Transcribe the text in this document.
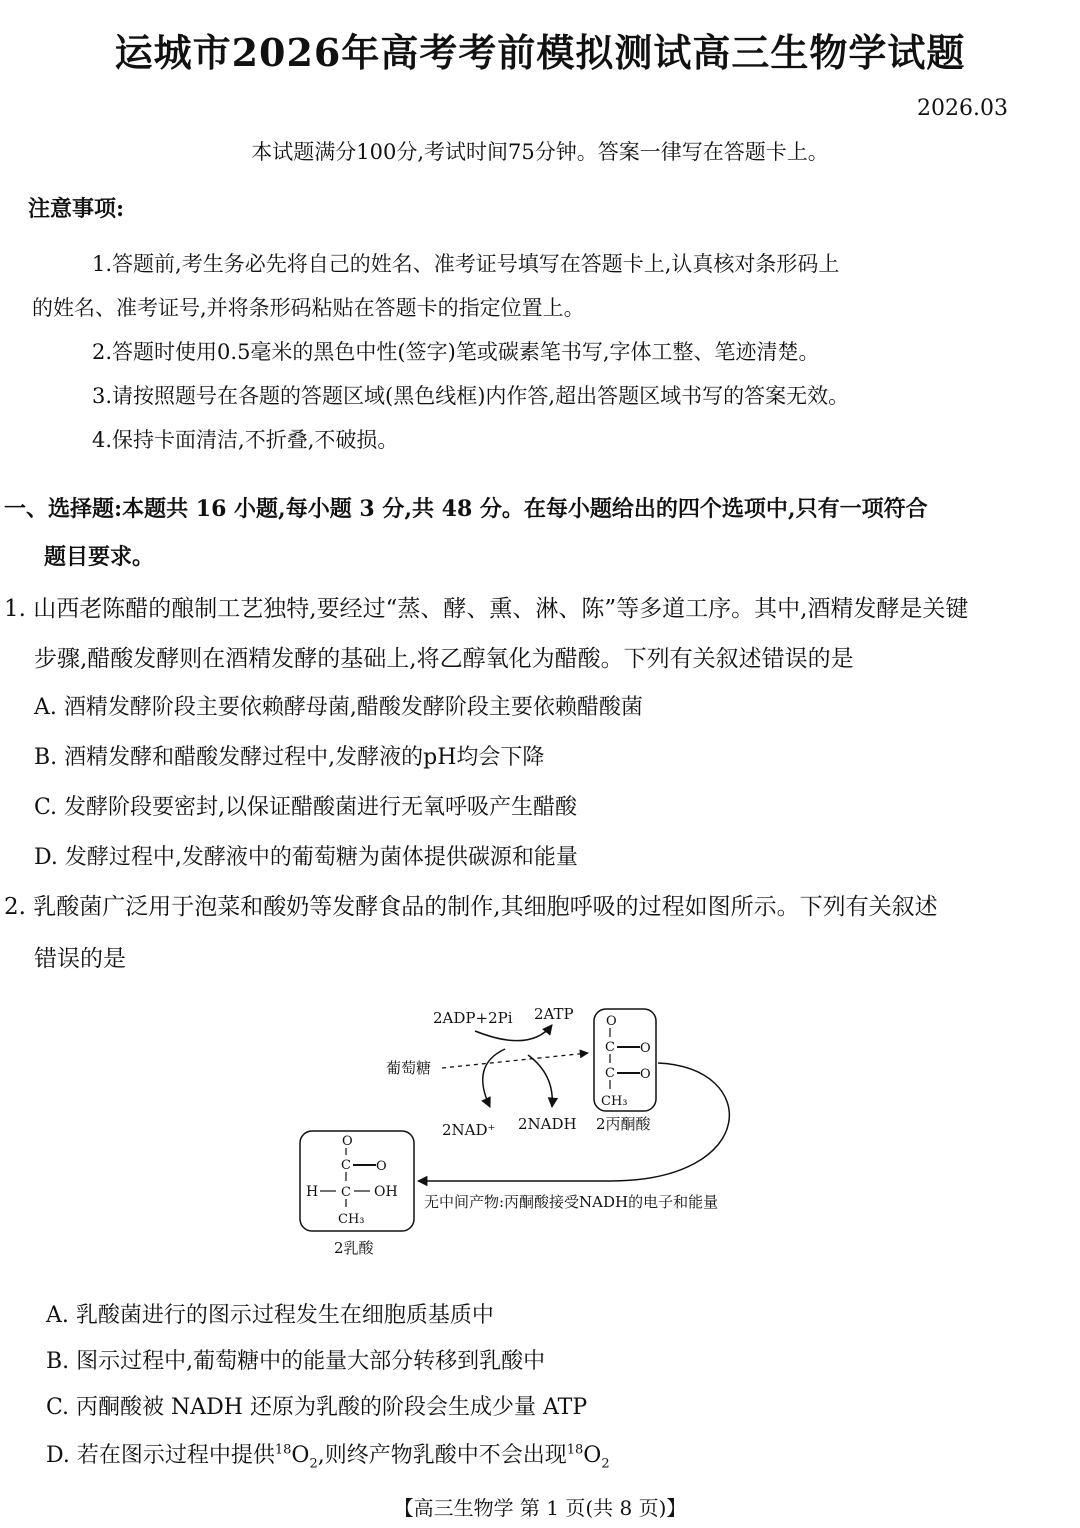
运城市2026年高考考前模拟测试高三生物学试题
2026.03
本试题满分100分,考试时间75分钟。答案一律写在答题卡上。
注意事项:
1.答题前,考生务必先将自己的姓名、准考证号填写在答题卡上,认真核对条形码上
的姓名、准考证号,并将条形码粘贴在答题卡的指定位置上。
2.答题时使用0.5毫米的黑色中性(签字)笔或碳素笔书写,字体工整、笔迹清楚。
3.请按照题号在各题的答题区域(黑色线框)内作答,超出答题区域书写的答案无效。
4.保持卡面清洁,不折叠,不破损。
一、选择题:本题共 16 小题,每小题 3 分,共 48 分。在每小题给出的四个选项中,只有一项符合
题目要求。
1. 山西老陈醋的酿制工艺独特,要经过“蒸、酵、熏、淋、陈”等多道工序。其中,酒精发酵是关键
步骤,醋酸发酵则在酒精发酵的基础上,将乙醇氧化为醋酸。下列有关叙述错误的是
A. 酒精发酵阶段主要依赖酵母菌,醋酸发酵阶段主要依赖醋酸菌
B. 酒精发酵和醋酸发酵过程中,发酵液的pH均会下降
C. 发酵阶段要密封,以保证醋酸菌进行无氧呼吸产生醋酸
D. 发酵过程中,发酵液中的葡萄糖为菌体提供碳源和能量
2. 乳酸菌广泛用于泡菜和酸奶等发酵食品的制作,其细胞呼吸的过程如图所示。下列有关叙述
错误的是
2ADP+2Pi 2ATP
葡萄糖
2NAD⁺ 2NADH
O
C O
C O
CH₃
2丙酮酸
无中间产物:丙酮酸接受NADH的电子和能量
O
C O
H C OH
CH₃
2乳酸
A. 乳酸菌进行的图示过程发生在细胞质基质中
B. 图示过程中,葡萄糖中的能量大部分转移到乳酸中
C. 丙酮酸被 NADH 还原为乳酸的阶段会生成少量 ATP
D. 若在图示过程中提供$^{18}O_2$,则终产物乳酸中不会出现$^{18}O_2$
【高三生物学 第 1 页(共 8 页)】
